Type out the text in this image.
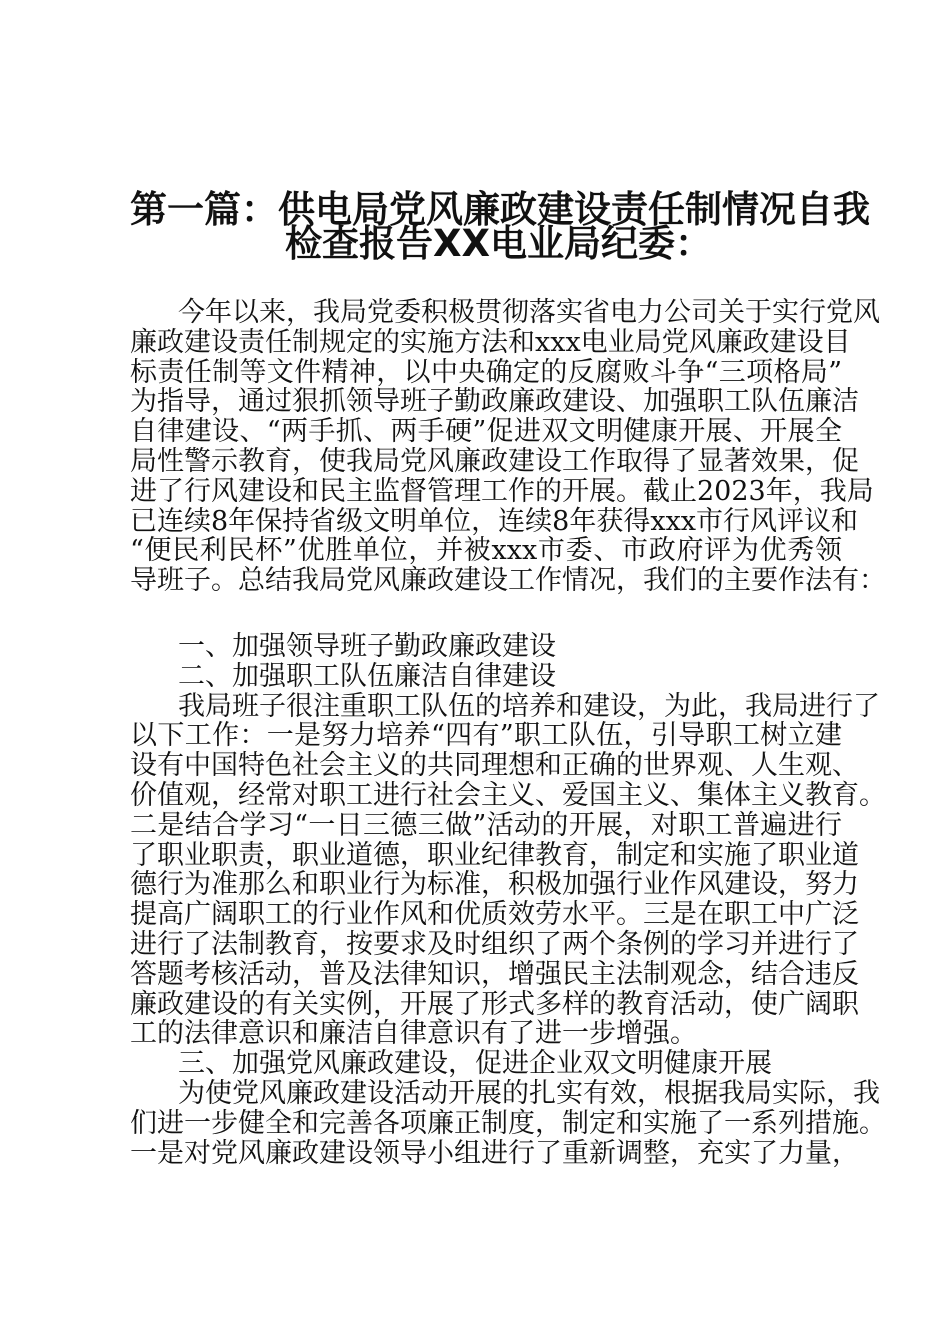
第一篇：供电局党风廉政建设责任制情况自我
检查报告XX电业局纪委：
今年以来，我局党委积极贯彻落实省电力公司关于实行党风
廉政建设责任制规定的实施方法和xxx电业局党风廉政建设目
标责任制等文件精神，以中央确定的反腐败斗争“三项格局”
为指导，通过狠抓领导班子勤政廉政建设、加强职工队伍廉洁
自律建设、“两手抓、两手硬”促进双文明健康开展、开展全
局性警示教育，使我局党风廉政建设工作取得了显著效果，促
进了行风建设和民主监督管理工作的开展。截止2023年，我局
已连续8年保持省级文明单位，连续8年获得xxx市行风评议和
“便民利民杯”优胜单位，并被xxx市委、市政府评为优秀领
导班子。总结我局党风廉政建设工作情况，我们的主要作法有：
一、加强领导班子勤政廉政建设
二、加强职工队伍廉洁自律建设
我局班子很注重职工队伍的培养和建设，为此，我局进行了
以下工作：一是努力培养“四有”职工队伍，引导职工树立建
设有中国特色社会主义的共同理想和正确的世界观、人生观、
价值观，经常对职工进行社会主义、爱国主义、集体主义教育。
二是结合学习“一日三德三做”活动的开展，对职工普遍进行
了职业职责，职业道德，职业纪律教育，制定和实施了职业道
德行为准那么和职业行为标准，积极加强行业作风建设，努力
提高广阔职工的行业作风和优质效劳水平。三是在职工中广泛
进行了法制教育，按要求及时组织了两个条例的学习并进行了
答题考核活动，普及法律知识，增强民主法制观念，结合违反
廉政建设的有关实例，开展了形式多样的教育活动，使广阔职
工的法律意识和廉洁自律意识有了进一步增强。
三、加强党风廉政建设，促进企业双文明健康开展
为使党风廉政建设活动开展的扎实有效，根据我局实际，我
们进一步健全和完善各项廉正制度，制定和实施了一系列措施。
一是对党风廉政建设领导小组进行了重新调整，充实了力量，
